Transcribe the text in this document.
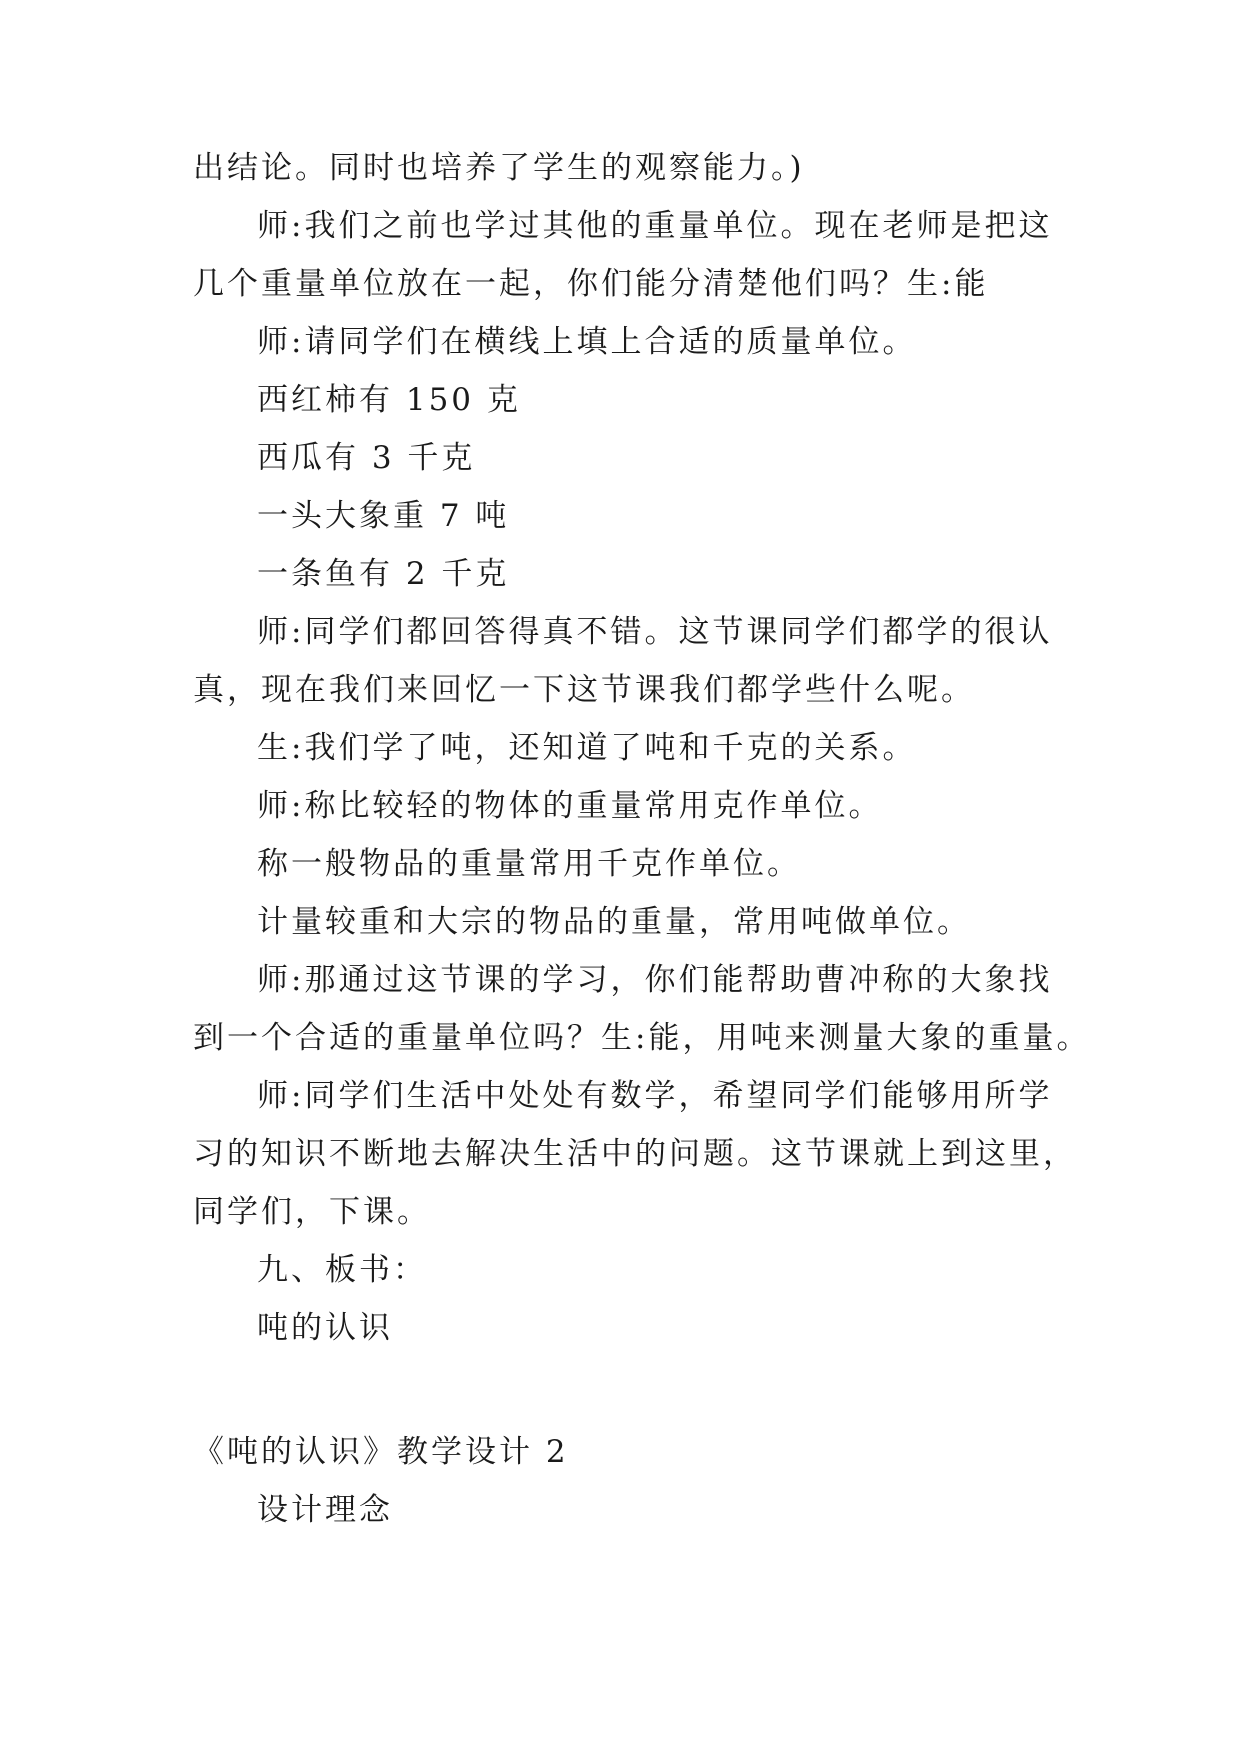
出结论。同时也培养了学生的观察能力。)
师:我们之前也学过其他的重量单位。现在老师是把这
几个重量单位放在一起，你们能分清楚他们吗？生:能
师:请同学们在横线上填上合适的质量单位。
西红柿有 150 克
西瓜有 3 千克
一头大象重 7 吨
一条鱼有 2 千克
师:同学们都回答得真不错。这节课同学们都学的很认
真，现在我们来回忆一下这节课我们都学些什么呢。
生:我们学了吨，还知道了吨和千克的关系。
师:称比较轻的物体的重量常用克作单位。
称一般物品的重量常用千克作单位。
计量较重和大宗的物品的重量，常用吨做单位。
师:那通过这节课的学习，你们能帮助曹冲称的大象找
到一个合适的重量单位吗？生:能，用吨来测量大象的重量。
师:同学们生活中处处有数学，希望同学们能够用所学
习的知识不断地去解决生活中的问题。这节课就上到这里，
同学们，下课。
九、板书：
吨的认识
《吨的认识》教学设计 2
设计理念
